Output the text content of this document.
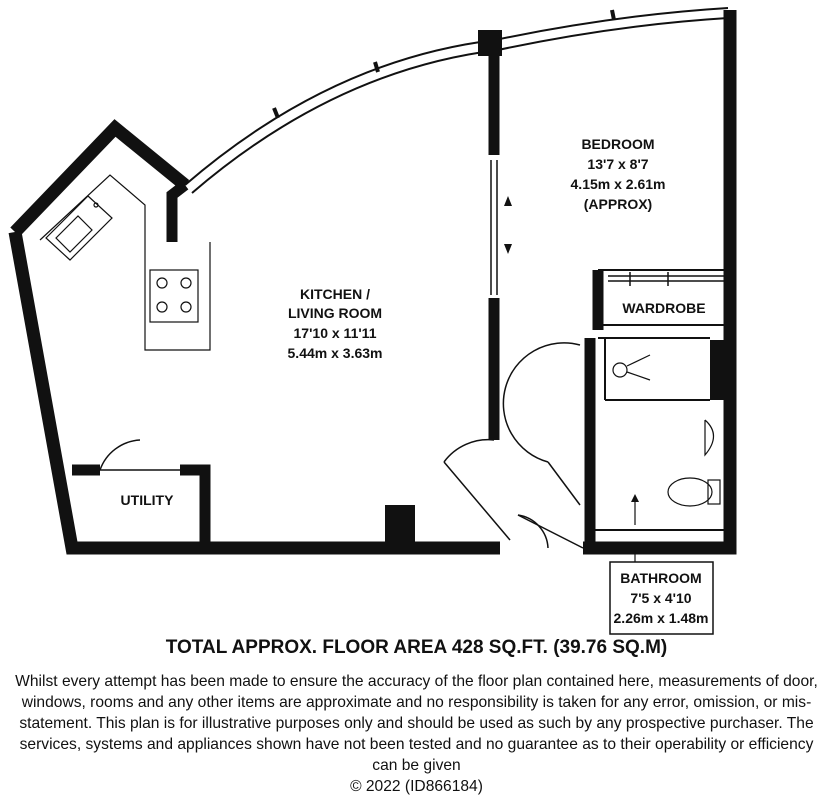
KITCHEN /
LIVING ROOM
17'10 x 11'11
5.44m x 3.63m
BEDROOM
13'7 x 8'7
4.15m x 2.61m
(APPROX)
WARDROBE
UTILITY
BATHROOM
7'5 x 4'10
2.26m x 1.48m
TOTAL APPROX. FLOOR AREA 428 SQ.FT. (39.76 SQ.M)
Whilst every attempt has been made to ensure the accuracy of the floor plan contained here, measurements of door, windows, rooms and any other items are approximate and no responsibility is taken for any error, omission, or mis-statement. This plan is for illustrative purposes only and should be used as such by any prospective purchaser. The services, systems and appliances shown have not been tested and no guarantee as to their operability or efficiency can be given
© 2022 (ID866184)
